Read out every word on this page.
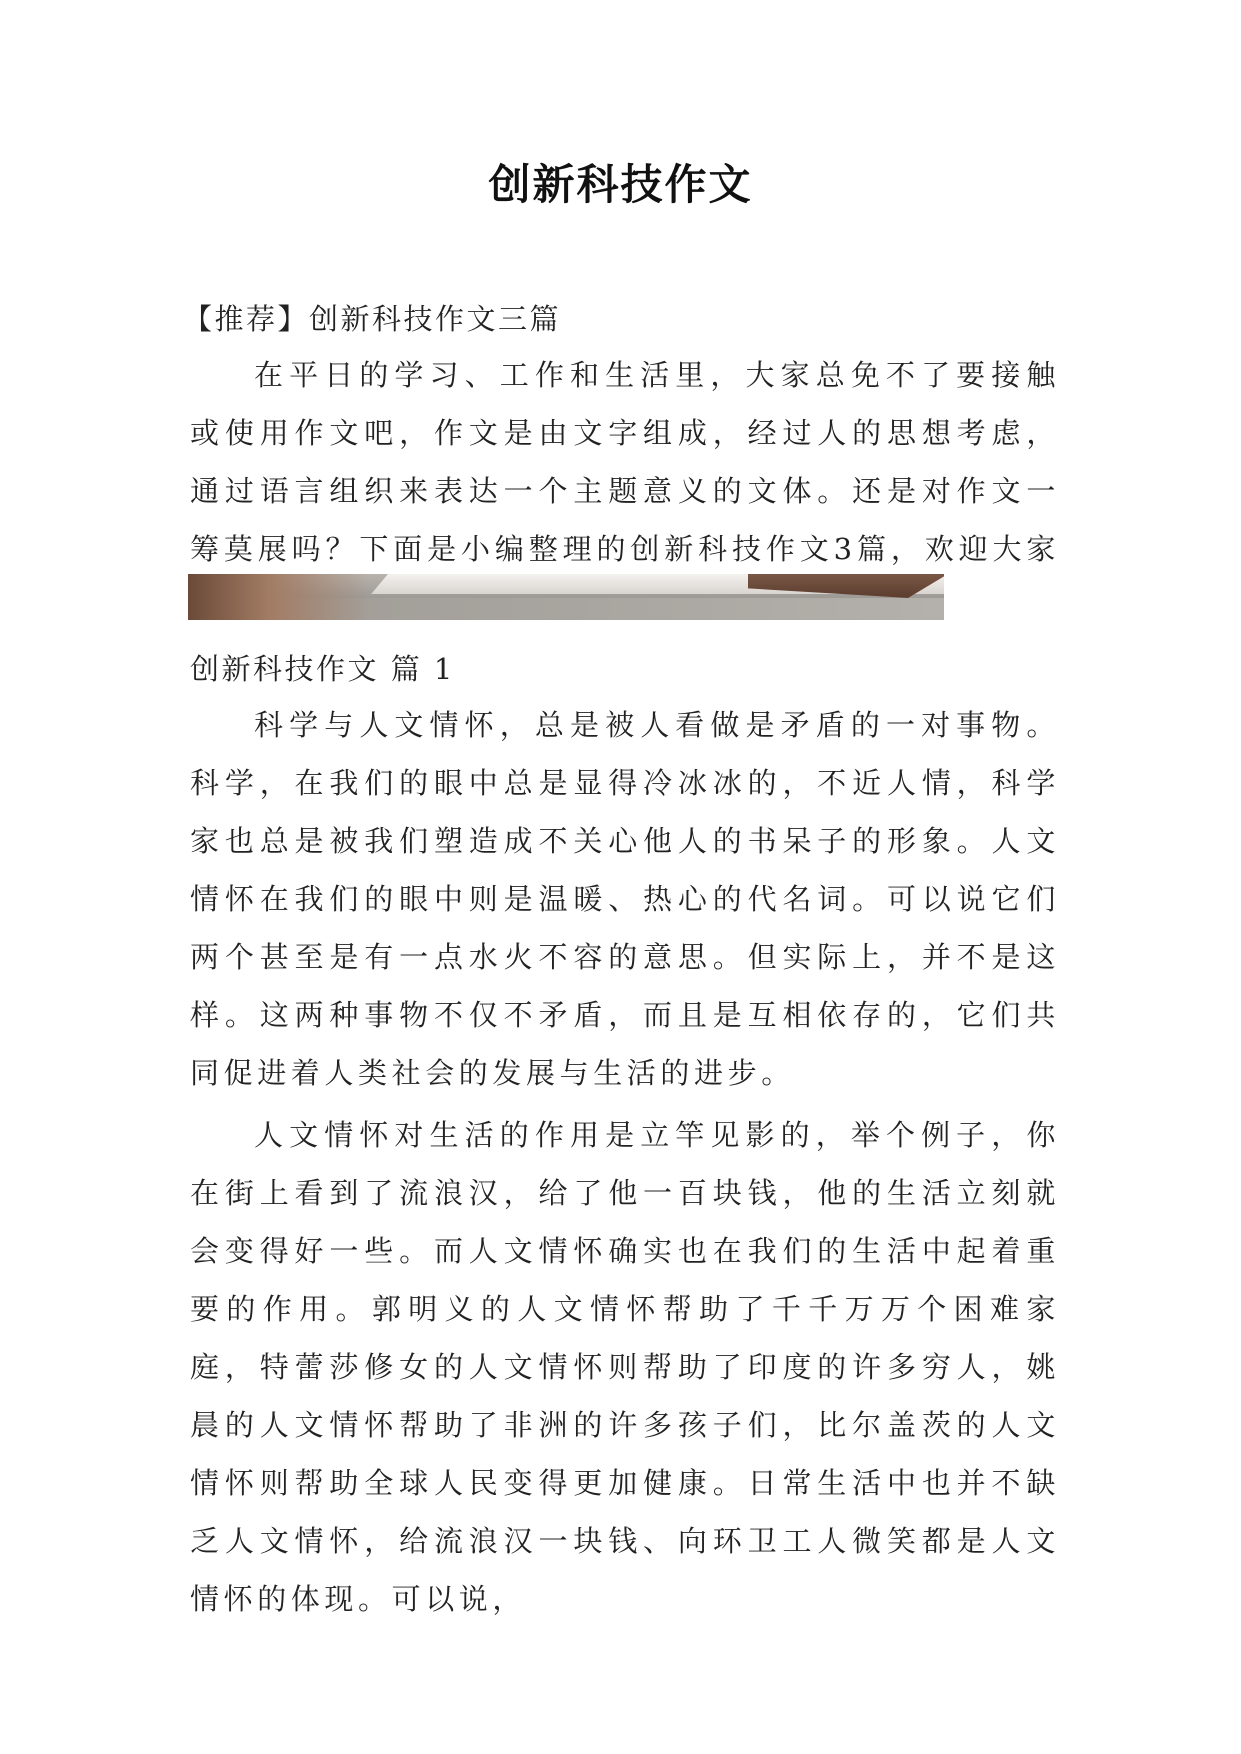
创新科技作文

【推荐】创新科技作文三篇

在平日的学习、工作和生活里，大家总免不了要接触或使用作文吧，作文是由文字组成，经过人的思想考虑，通过语言组织来表达一个主题意义的文体。还是对作文一筹莫展吗？下面是小编整理的创新科技作文3篇，欢迎大家

创新科技作文 篇 1

科学与人文情怀，总是被人看做是矛盾的一对事物。科学，在我们的眼中总是显得冷冰冰的，不近人情，科学家也总是被我们塑造成不关心他人的书呆子的形象。人文情怀在我们的眼中则是温暖、热心的代名词。可以说它们两个甚至是有一点水火不容的意思。但实际上，并不是这样。这两种事物不仅不矛盾，而且是互相依存的，它们共同促进着人类社会的发展与生活的进步。

人文情怀对生活的作用是立竿见影的，举个例子，你在街上看到了流浪汉，给了他一百块钱，他的生活立刻就会变得好一些。而人文情怀确实也在我们的生活中起着重要的作用。郭明义的人文情怀帮助了千千万万个困难家庭，特蕾莎修女的人文情怀则帮助了印度的许多穷人，姚晨的人文情怀帮助了非洲的许多孩子们，比尔盖茨的人文情怀则帮助全球人民变得更加健康。日常生活中也并不缺乏人文情怀，给流浪汉一块钱、向环卫工人微笑都是人文情怀的体现。可以说，
